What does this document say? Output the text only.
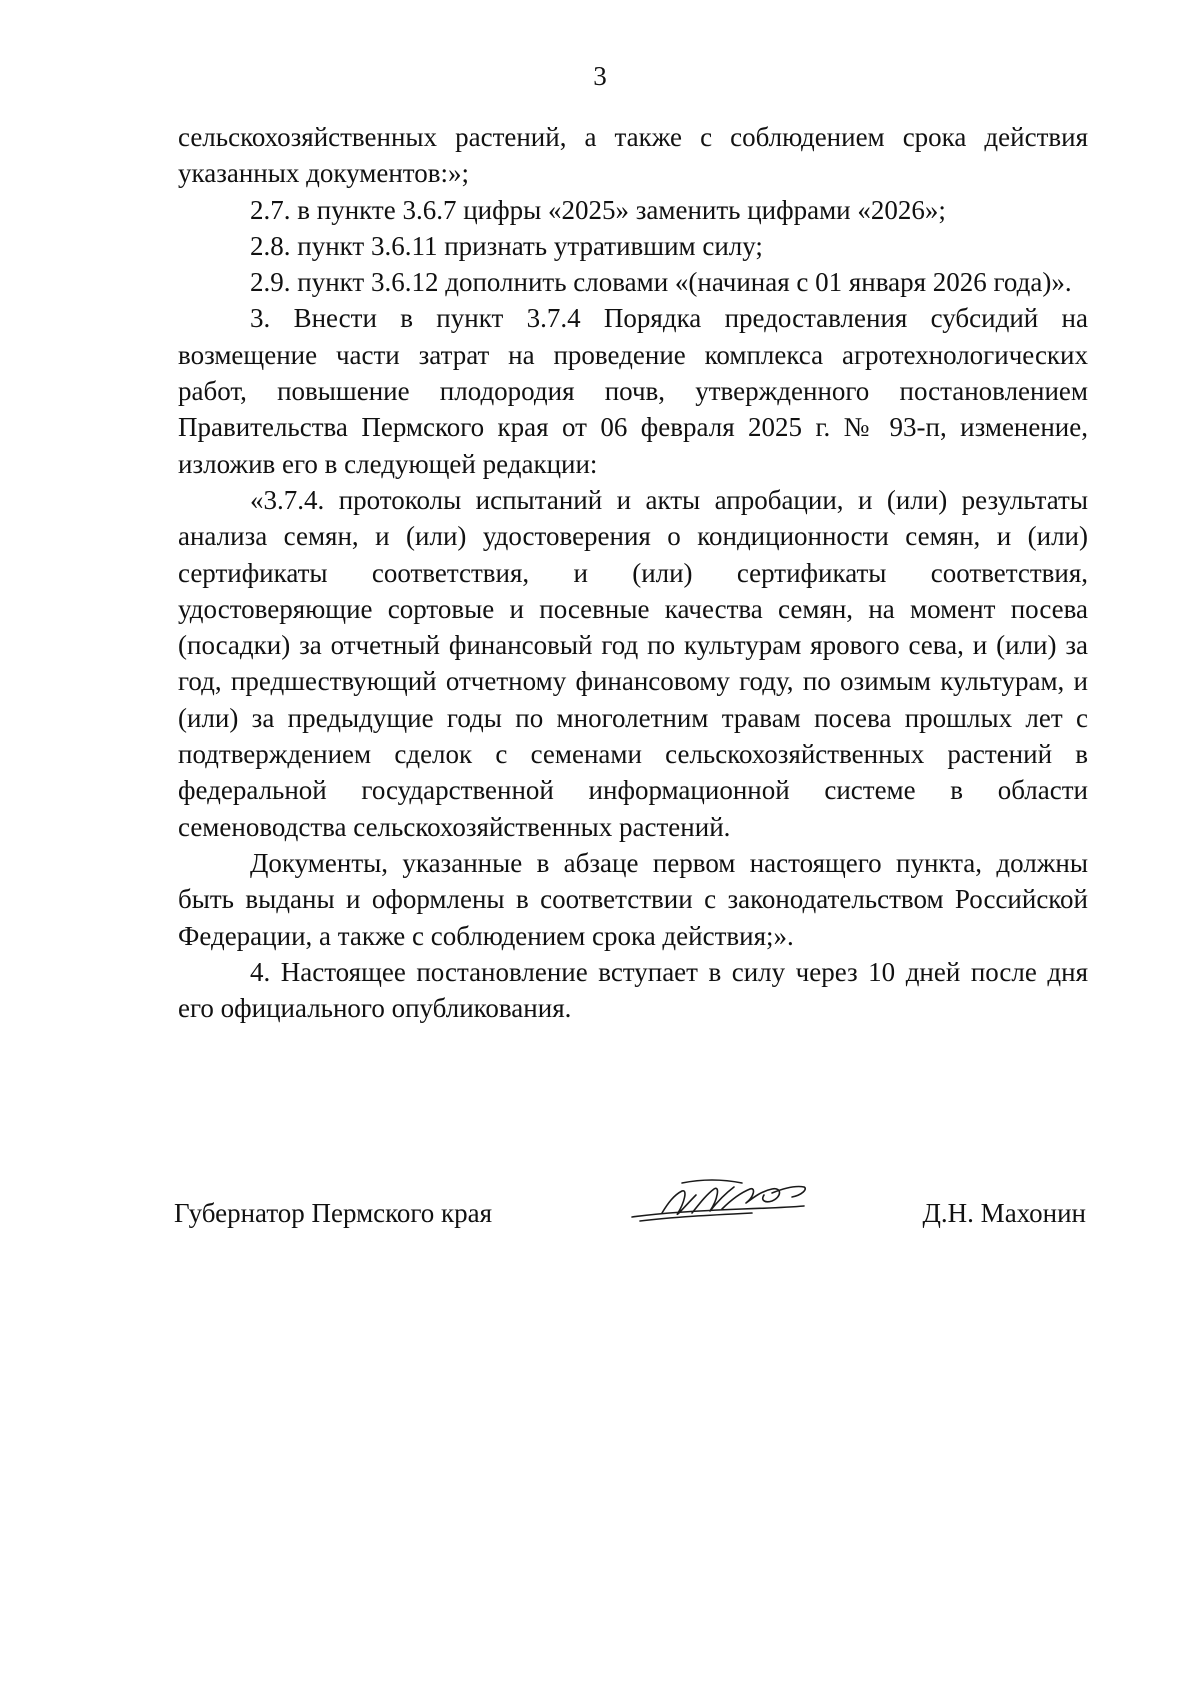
3

сельскохозяйственных растений, а также с соблюдением срока действия указанных документов:»;

2.7. в пункте 3.6.7 цифры «2025» заменить цифрами «2026»;

2.8. пункт 3.6.11 признать утратившим силу;

2.9. пункт 3.6.12 дополнить словами «(начиная с 01 января 2026 года)».

3. Внести в пункт 3.7.4 Порядка предоставления субсидий на возмещение части затрат на проведение комплекса агротехнологических работ, повышение плодородия почв, утвержденного постановлением Правительства Пермского края от 06 февраля 2025 г. № 93-п, изменение, изложив его в следующей редакции:

«3.7.4. протоколы испытаний и акты апробации, и (или) результаты анализа семян, и (или) удостоверения о кондиционности семян, и (или) сертификаты соответствия, и (или) сертификаты соответствия, удостоверяющие сортовые и посевные качества семян, на момент посева (посадки) за отчетный финансовый год по культурам ярового сева, и (или) за год, предшествующий отчетному финансовому году, по озимым культурам, и (или) за предыдущие годы по многолетним травам посева прошлых лет с подтверждением сделок с семенами сельскохозяйственных растений в федеральной государственной информационной системе в области семеноводства сельскохозяйственных растений.

Документы, указанные в абзаце первом настоящего пункта, должны быть выданы и оформлены в соответствии с законодательством Российской Федерации, а также с соблюдением срока действия;».

4. Настоящее постановление вступает в силу через 10 дней после дня его официального опубликования.

Губернатор Пермского края	Д.Н. Махонин
